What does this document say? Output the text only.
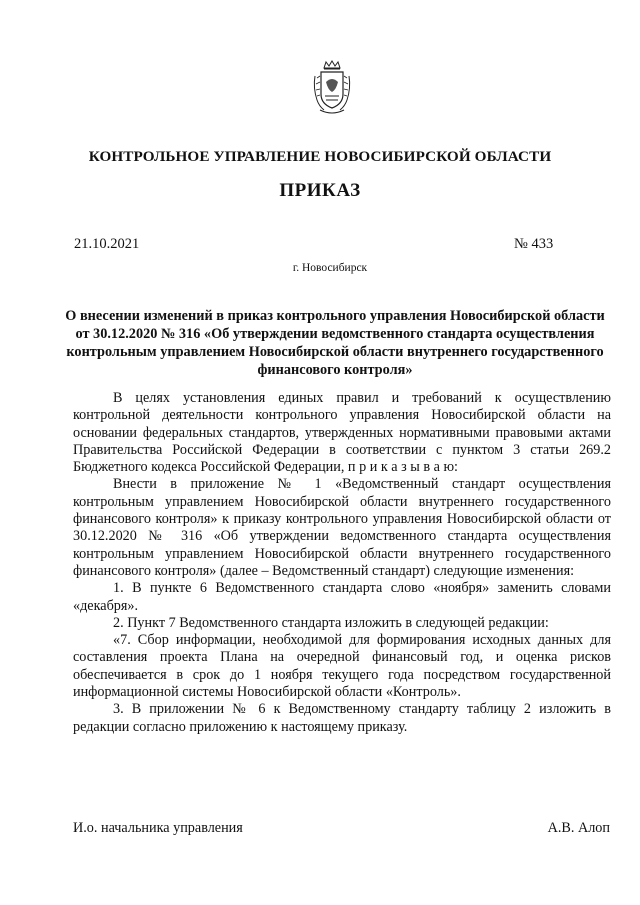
КОНТРОЛЬНОЕ УПРАВЛЕНИЕ НОВОСИБИРСКОЙ ОБЛАСТИ
ПРИКАЗ
21.10.2021	№ 433
г. Новосибирск
О внесении изменений в приказ контрольного управления Новосибирской области от 30.12.2020 № 316 «Об утверждении ведомственного стандарта осуществления контрольным управлением Новосибирской области внутреннего государственного финансового контроля»

В целях установления единых правил и требований к осуществлению контрольной деятельности контрольного управления Новосибирской области на основании федеральных стандартов, утвержденных нормативными правовыми актами Правительства Российской Федерации в соответствии с пунктом 3 статьи 269.2 Бюджетного кодекса Российской Федерации, п р и к а з ы в а ю:

Внести в приложение № 1 «Ведомственный стандарт осуществления контрольным управлением Новосибирской области внутреннего государственного финансового контроля» к приказу контрольного управления Новосибирской области от 30.12.2020 № 316 «Об утверждении ведомственного стандарта осуществления контрольным управлением Новосибирской области внутреннего государственного финансового контроля» (далее – Ведомственный стандарт) следующие изменения:

1. В пункте 6 Ведомственного стандарта слово «ноября» заменить словами «декабря».

2. Пункт 7 Ведомственного стандарта изложить в следующей редакции:

«7. Сбор информации, необходимой для формирования исходных данных для составления проекта Плана на очередной финансовый год, и оценка рисков обеспечивается в срок до 1 ноября текущего года посредством государственной информационной системы Новосибирской области «Контроль».

3. В приложении № 6 к Ведомственному стандарту таблицу 2 изложить в редакции согласно приложению к настоящему приказу.

И.о. начальника управления	А.В. Алоп
